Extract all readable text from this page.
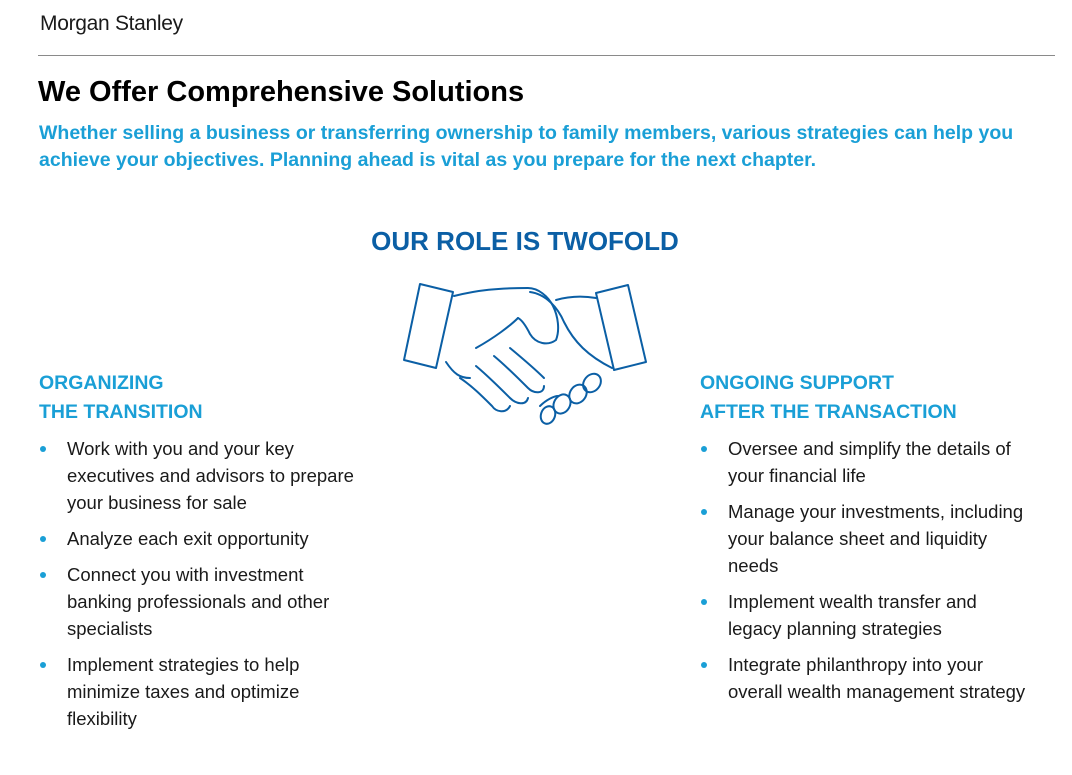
Morgan Stanley
We Offer Comprehensive Solutions

Whether selling a business or transferring ownership to family members, various strategies can help you achieve your objectives. Planning ahead is vital as you prepare for the next chapter.

OUR ROLE IS TWOFOLD
ORGANIZING
THE TRANSITION
Work with you and your key executives and advisors to prepare your business for sale
Analyze each exit opportunity
Connect you with investment banking professionals and other specialists
Implement strategies to help minimize taxes and optimize flexibility
ONGOING SUPPORT
AFTER THE TRANSACTION
Oversee and simplify the details of your financial life
Manage your investments, including your balance sheet and liquidity needs
Implement wealth transfer and legacy planning strategies
Integrate philanthropy into your overall wealth management strategy
